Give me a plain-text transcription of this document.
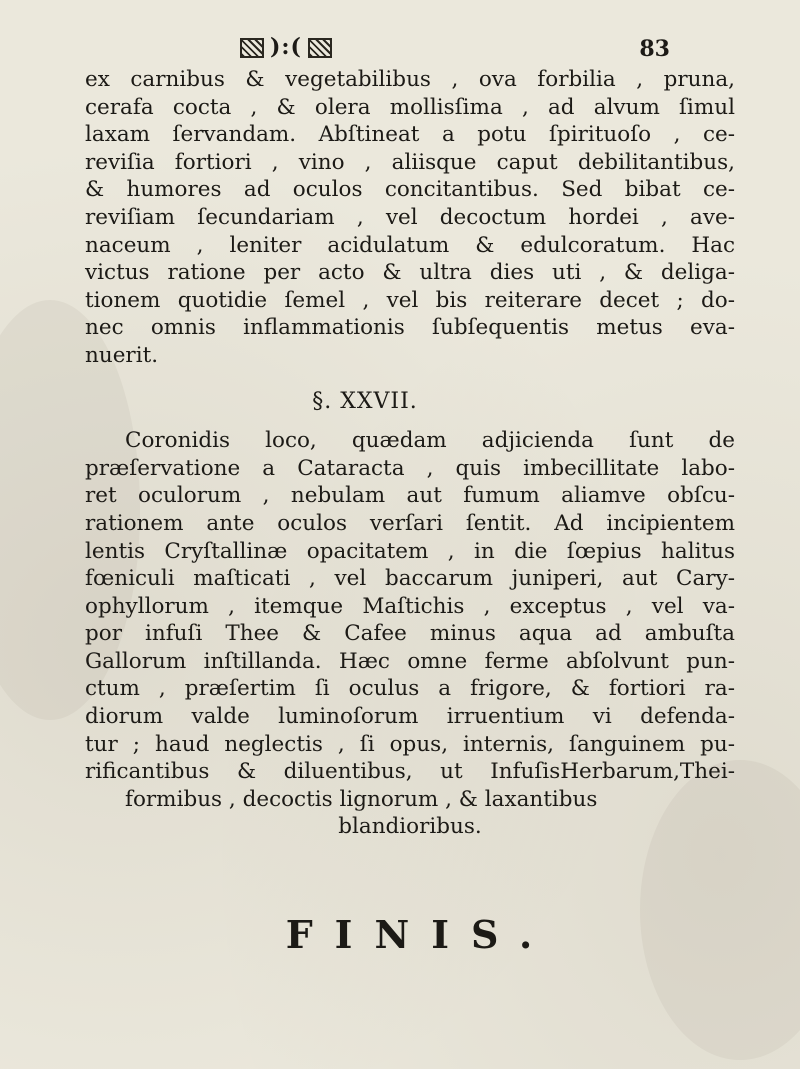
):(	83
ex carnibus & vegetabilibus , ova forbilia , pruna,
cerafa cocta , & olera mollisſima , ad alvum ſimul
laxam ſervandam. Abſtineat a potu ſpirituoſo , ce-
reviſia fortiori , vino , aliisque caput debilitantibus,
& humores ad oculos concitantibus. Sed bibat ce-
reviſiam ſecundariam , vel decoctum hordei , ave-
naceum , leniter acidulatum & edulcoratum. Hac
victus ratione per acto & ultra dies uti , & deliga-
tionem quotidie ſemel , vel bis reiterare decet ; do-
nec omnis inflammationis ſubſequentis metus eva-
nuerit.
§. XXVII.
Coronidis loco, quædam adjicienda ſunt de
præſervatione a Cataracta , quis imbecillitate labo-
ret oculorum , nebulam aut fumum aliamve obſcu-
rationem ante oculos verſari ſentit. Ad incipientem
lentis Cryſtallinæ opacitatem , in die ſœpius halitus
fœniculi maſticati , vel baccarum juniperi, aut Cary-
ophyllorum , itemque Maſtichis , exceptus , vel va-
por infuſi Thee & Cafee minus aqua ad ambuſta
Gallorum inſtillanda. Hæc omne ferme abſolvunt pun-
ctum , præſertim ſi oculus a frigore, & fortiori ra-
diorum valde luminoſorum irruentium vi defenda-
tur ; haud neglectis , ſi opus, internis, ſanguinem pu-
rificantibus & diluentibus, ut InfuſisHerbarum,Thei-
formibus , decoctis lignorum , & laxantibus
blandioribus.
FINIS.
